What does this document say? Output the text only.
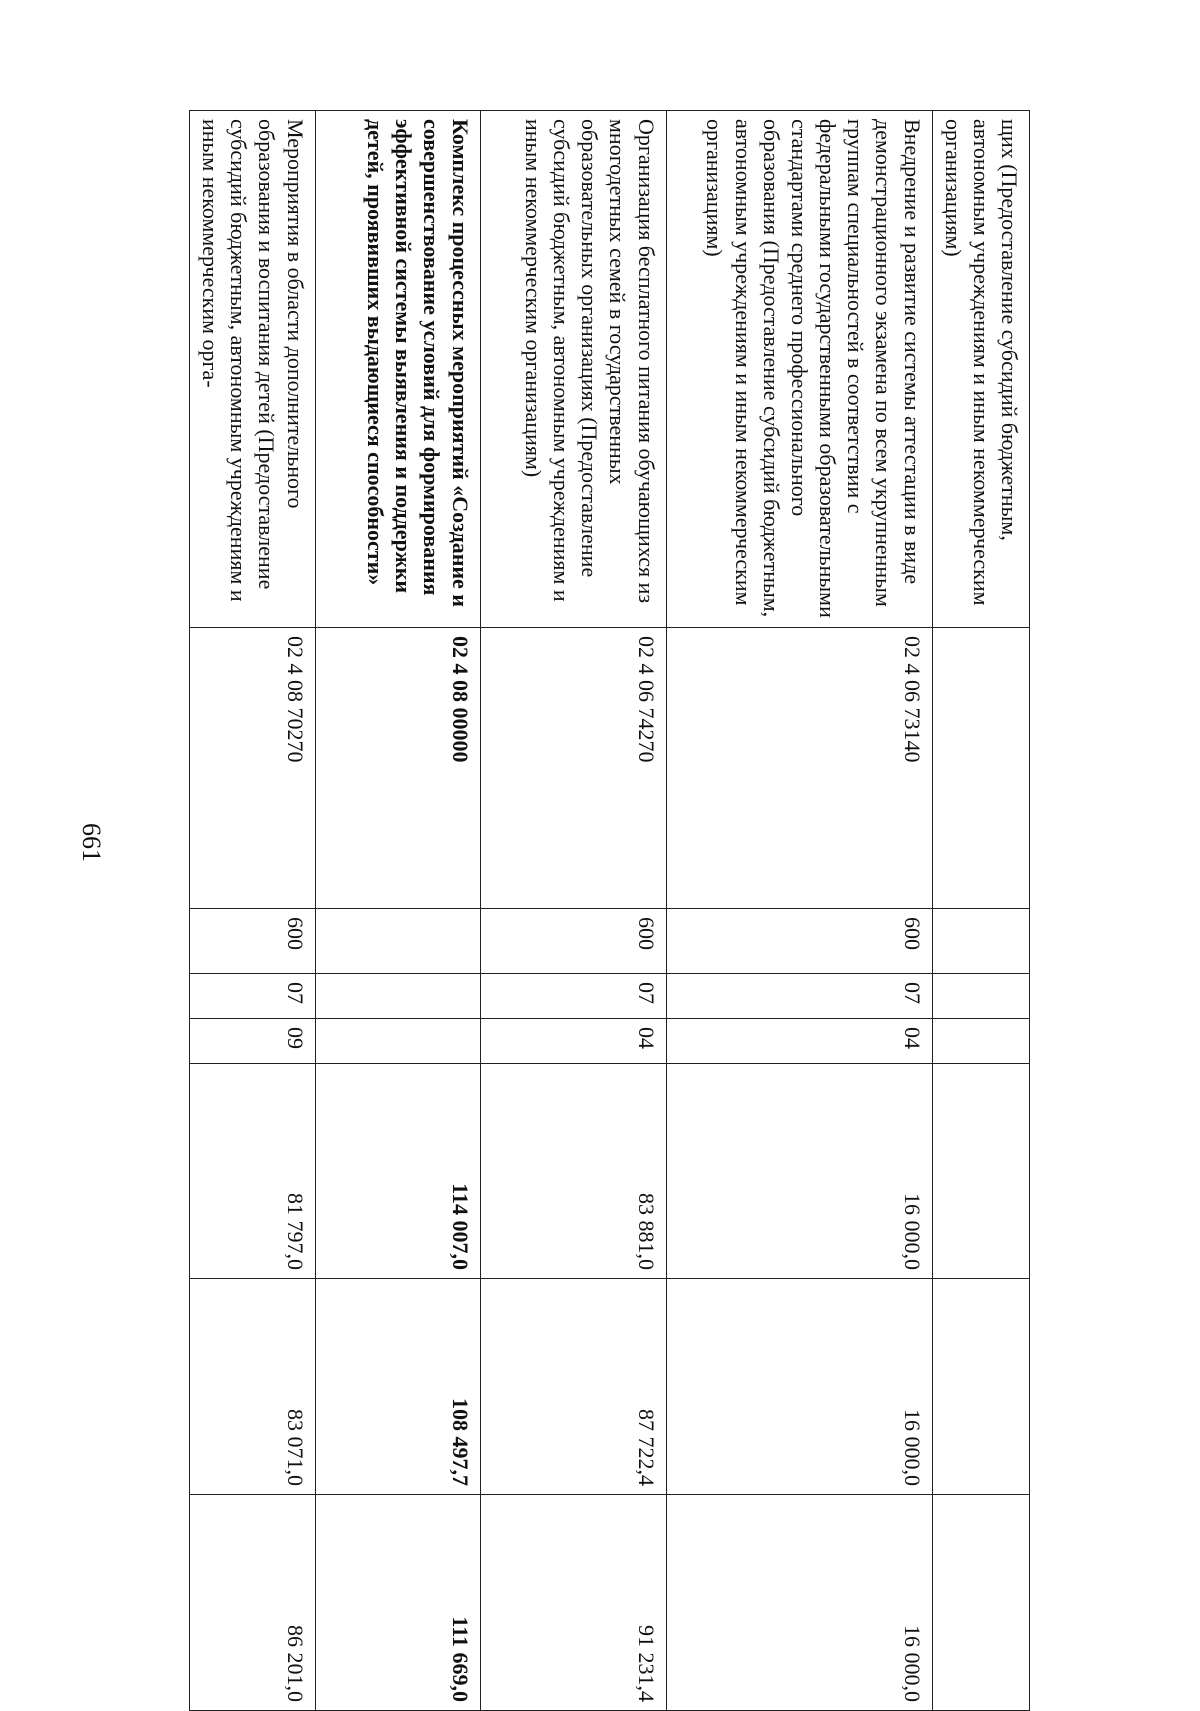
661
щих (Предоставление субсидий бюджетным, автономным учреждениям и иным некоммерческим организациям)							
Внедрение и развитие системы аттестации в виде демонстрационного экзамена по всем укрупненным группам специальностей в соответствии с федеральными государственными образовательными стандартами среднего профессионального образования (Предоставление субсидий бюджетным, автономным учреждениям и иным некоммерческим организациям)	02 4 06 73140	600	07	04	16 000,0	16 000,0	16 000,0
Организация бесплатного питания обучающихся из многодетных семей в государственных образовательных организациях (Предоставление субсидий бюджетным, автономным учреждениям и иным некоммерческим организациям)	02 4 06 74270	600	07	04	83 881,0	87 722,4	91 231,4
Комплекс процессных мероприятий «Создание и совершенствование условий для формирования эффективной системы выявления и поддержки детей, проявивших выдающиеся способности»	02 4 08 00000				114 007,0	108 497,7	111 669,0
Мероприятия в области дополнительного образования и воспитания детей (Предоставление субсидий бюджетным, автономным учреждениям и иным некоммерческим орга-	02 4 08 70270	600	07	09	81 797,0	83 071,0	86 201,0
